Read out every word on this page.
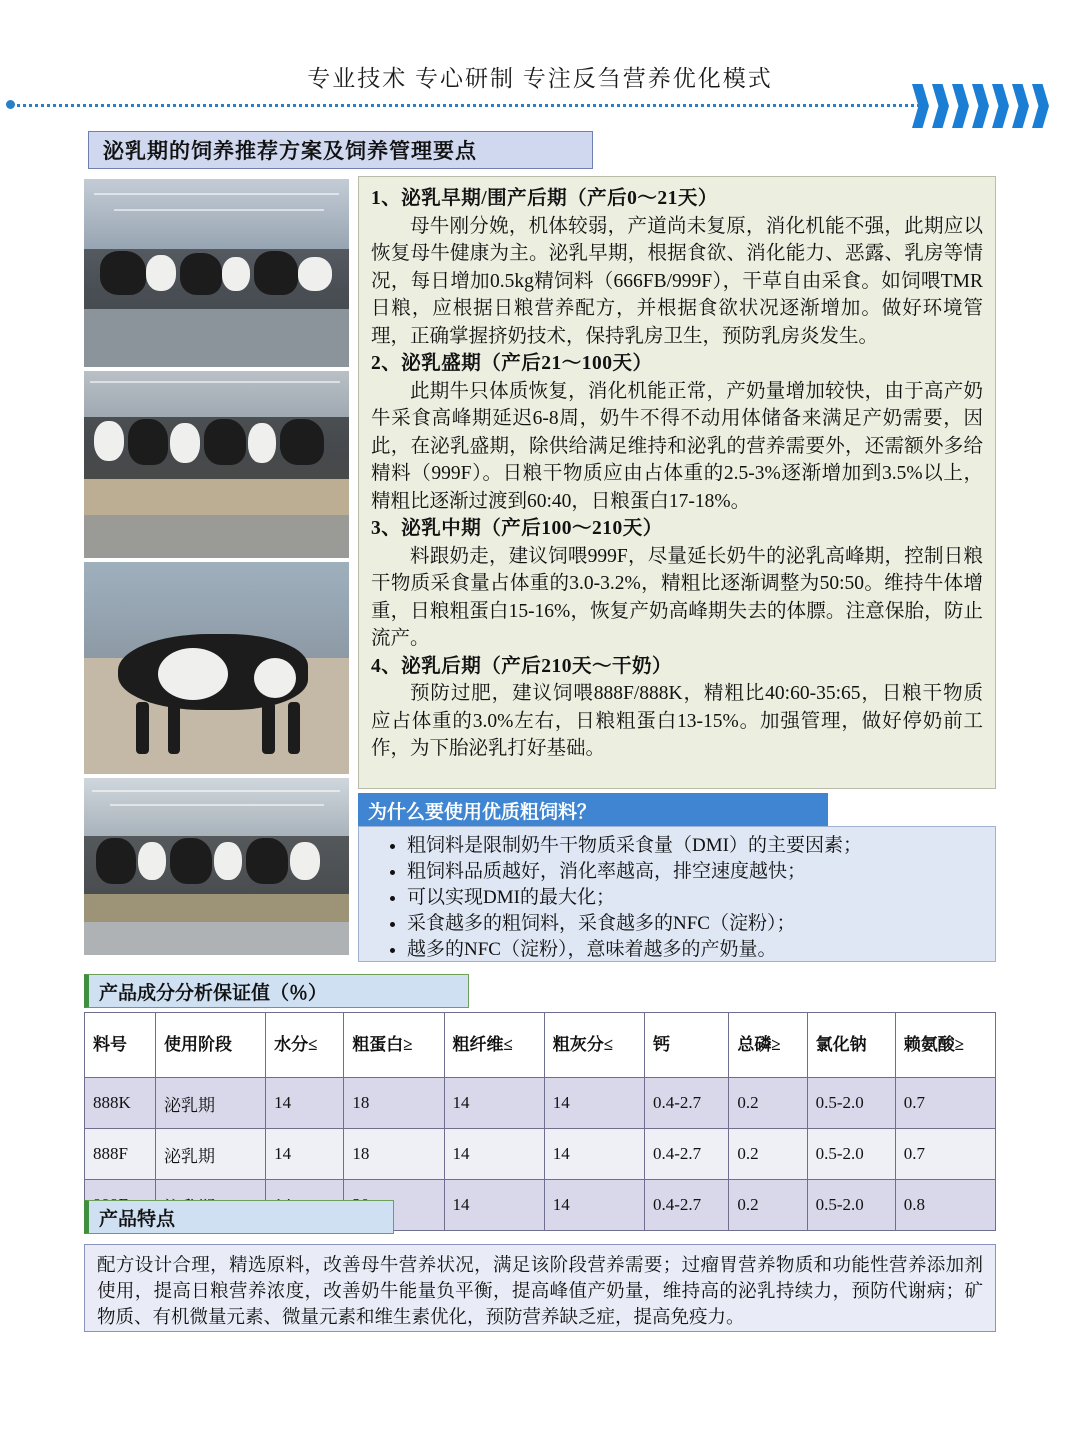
专业技术 专心研制 专注反刍营养优化模式
泌乳期的饲养推荐方案及饲养管理要点
1、泌乳早期/围产后期（产后0～21天）
母牛刚分娩，机体较弱，产道尚未复原，消化机能不强，此期应以恢复母牛健康为主。泌乳早期，根据食欲、消化能力、恶露、乳房等情况，每日增加0.5kg精饲料（666FB/999F），干草自由采食。如饲喂TMR日粮，应根据日粮营养配方，并根据食欲状况逐渐增加。做好环境管理，正确掌握挤奶技术，保持乳房卫生，预防乳房炎发生。
2、泌乳盛期（产后21～100天）
此期牛只体质恢复，消化机能正常，产奶量增加较快，由于高产奶牛采食高峰期延迟6-8周，奶牛不得不动用体储备来满足产奶需要，因此，在泌乳盛期，除供给满足维持和泌乳的营养需要外，还需额外多给精料（999F）。日粮干物质应由占体重的2.5-3%逐渐增加到3.5%以上，精粗比逐渐过渡到60:40，日粮蛋白17-18%。
3、泌乳中期（产后100～210天）
料跟奶走，建议饲喂999F，尽量延长奶牛的泌乳高峰期，控制日粮干物质采食量占体重的3.0-3.2%，精粗比逐渐调整为50:50。维持牛体增重，日粮粗蛋白15-16%，恢复产奶高峰期失去的体膘。注意保胎，防止流产。
4、泌乳后期（产后210天～干奶）
预防过肥，建议饲喂888F/888K，精粗比40:60-35:65，日粮干物质应占体重的3.0%左右，日粮粗蛋白13-15%。加强管理，做好停奶前工作，为下胎泌乳打好基础。
为什么要使用优质粗饲料？
• 粗饲料是限制奶牛干物质采食量（DMI）的主要因素；
• 粗饲料品质越好，消化率越高，排空速度越快；
• 可以实现DMI的最大化；
• 采食越多的粗饲料，采食越多的NFC（淀粉）；
• 越多的NFC（淀粉），意味着越多的产奶量。
产品成分分析保证值（％）
料号	使用阶段	水分≤	粗蛋白≥	粗纤维≤	粗灰分≤	钙	总磷≥	氯化钠	赖氨酸≥
888K	泌乳期	14	18	14	14	0.4-2.7	0.2	0.5-2.0	0.7
888F	泌乳期	14	18	14	14	0.4-2.7	0.2	0.5-2.0	0.7
				14	14	0.4-2.7	0.2	0.5-2.0	0.8
产品特点
配方设计合理，精选原料，改善母牛营养状况，满足该阶段营养需要；过瘤胃营养物质和功能性营养添加剂使用，提高日粮营养浓度，改善奶牛能量负平衡，提高峰值产奶量，维持高的泌乳持续力，预防代谢病；矿物质、有机微量元素、微量元素和维生素优化，预防营养缺乏症，提高免疫力。
